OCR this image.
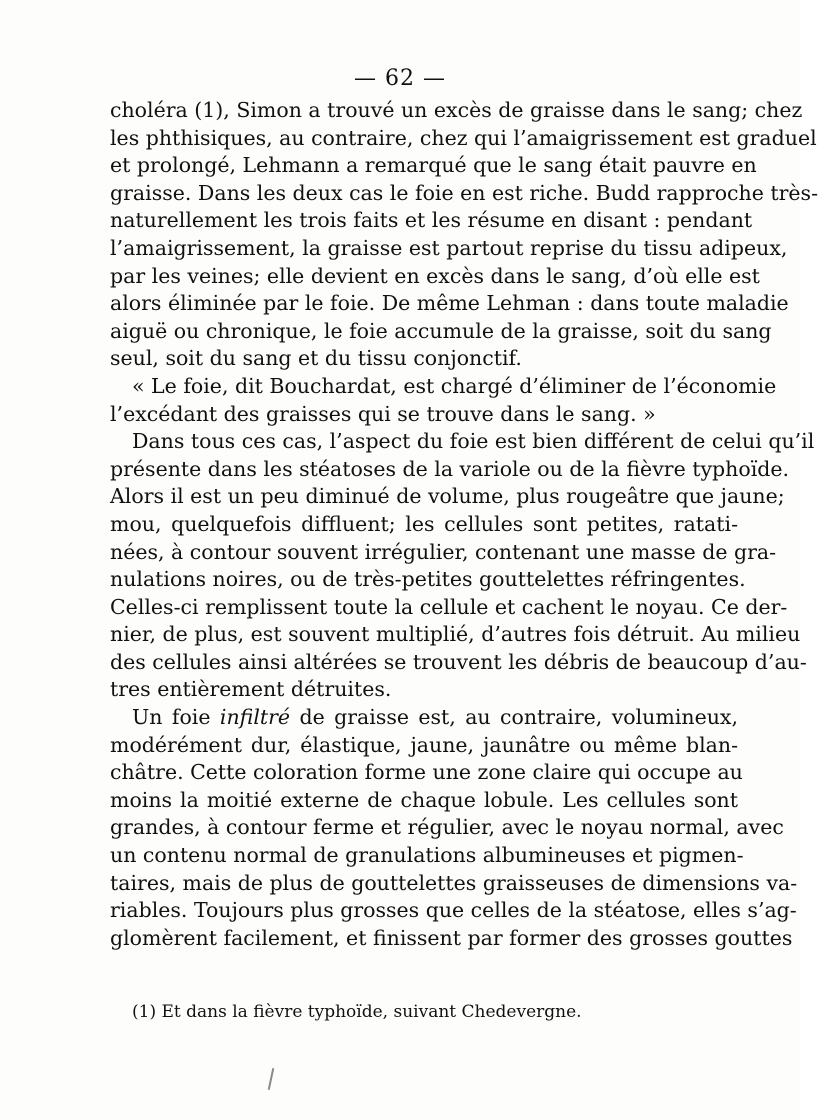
— 62 —
choléra (1), Simon a trouvé un excès de graisse dans le sang; chez
les phthisiques, au contraire, chez qui l’amaigrissement est graduel
et prolongé, Lehmann a remarqué que le sang était pauvre en
graisse. Dans les deux cas le foie en est riche. Budd rapproche très-
naturellement les trois faits et les résume en disant : pendant
l’amaigrissement, la graisse est partout reprise du tissu adipeux,
par les veines; elle devient en excès dans le sang, d’où elle est
alors éliminée par le foie. De même Lehman : dans toute maladie
aiguë ou chronique, le foie accumule de la graisse, soit du sang
seul, soit du sang et du tissu conjonctif.
« Le foie, dit Bouchardat, est chargé d’éliminer de l’économie
l’excédant des graisses qui se trouve dans le sang. »
Dans tous ces cas, l’aspect du foie est bien différent de celui qu’il
présente dans les stéatoses de la variole ou de la fièvre typhoïde.
Alors il est un peu diminué de volume, plus rougeâtre que jaune;
mou, quelquefois diffluent; les cellules sont petites, ratati-
nées, à contour souvent irrégulier, contenant une masse de gra-
nulations noires, ou de très-petites gouttelettes réfringentes.
Celles-ci remplissent toute la cellule et cachent le noyau. Ce der-
nier, de plus, est souvent multiplié, d’autres fois détruit. Au milieu
des cellules ainsi altérées se trouvent les débris de beaucoup d’au-
tres entièrement détruites.
Un foie infiltré de graisse est, au contraire, volumineux,
modérément dur, élastique, jaune, jaunâtre ou même blan-
châtre. Cette coloration forme une zone claire qui occupe au
moins la moitié externe de chaque lobule. Les cellules sont
grandes, à contour ferme et régulier, avec le noyau normal, avec
un contenu normal de granulations albumineuses et pigmen-
taires, mais de plus de gouttelettes graisseuses de dimensions va-
riables. Toujours plus grosses que celles de la stéatose, elles s’ag-
glomèrent facilement, et finissent par former des grosses gouttes
(1) Et dans la fièvre typhoïde, suivant Chedevergne.
